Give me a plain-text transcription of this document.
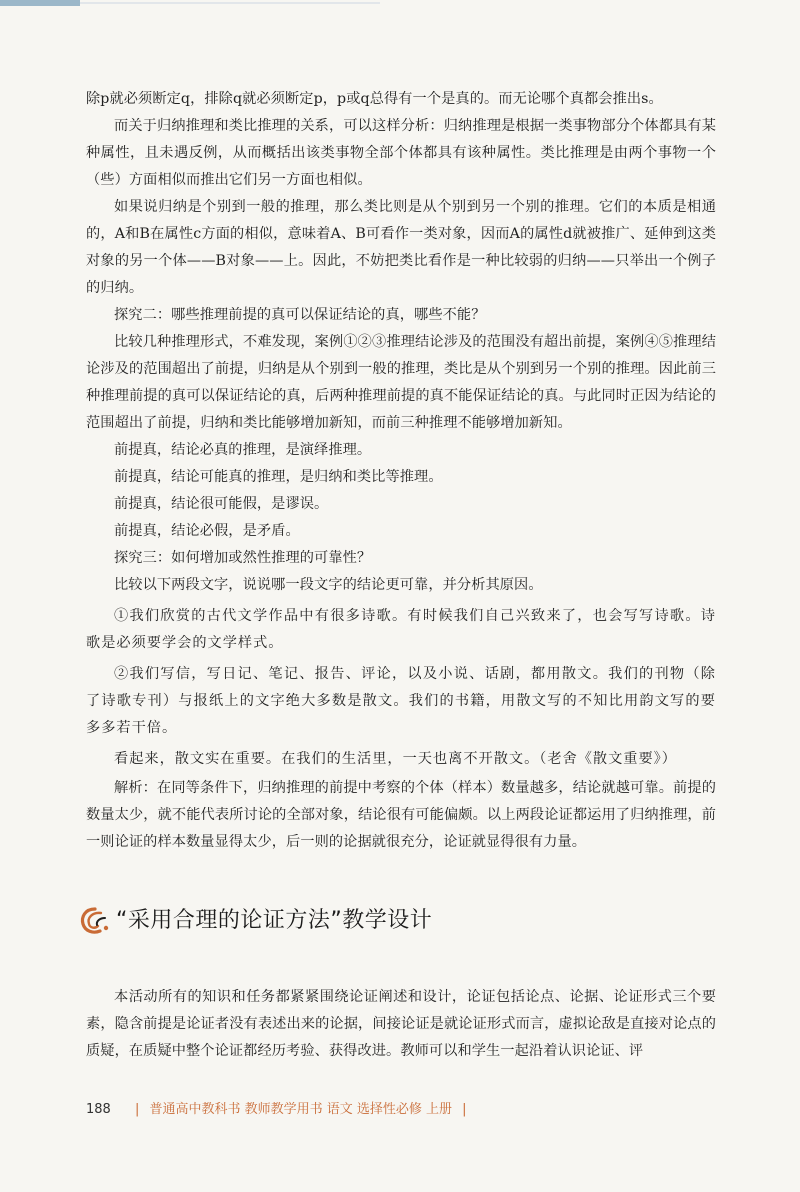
除p就必须断定q，排除q就必须断定p，p或q总得有一个是真的。而无论哪个真都会推出s。

而关于归纳推理和类比推理的关系，可以这样分析：归纳推理是根据一类事物部分个体都具有某种属性，且未遇反例，从而概括出该类事物全部个体都具有该种属性。类比推理是由两个事物一个（些）方面相似而推出它们另一方面也相似。

如果说归纳是个别到一般的推理，那么类比则是从个别到另一个别的推理。它们的本质是相通的，A和B在属性c方面的相似，意味着A、B可看作一类对象，因而A的属性d就被推广、延伸到这类对象的另一个体——B对象——上。因此，不妨把类比看作是一种比较弱的归纳——只举出一个例子的归纳。

探究二：哪些推理前提的真可以保证结论的真，哪些不能？

比较几种推理形式，不难发现，案例①②③推理结论涉及的范围没有超出前提，案例④⑤推理结论涉及的范围超出了前提，归纳是从个别到一般的推理，类比是从个别到另一个别的推理。因此前三种推理前提的真可以保证结论的真，后两种推理前提的真不能保证结论的真。与此同时正因为结论的范围超出了前提，归纳和类比能够增加新知，而前三种推理不能够增加新知。

前提真，结论必真的推理，是演绎推理。

前提真，结论可能真的推理，是归纳和类比等推理。

前提真，结论很可能假，是谬误。

前提真，结论必假，是矛盾。

探究三：如何增加或然性推理的可靠性？

比较以下两段文字，说说哪一段文字的结论更可靠，并分析其原因。

①我们欣赏的古代文学作品中有很多诗歌。有时候我们自己兴致来了，也会写写诗歌。诗歌是必须要学会的文学样式。

②我们写信，写日记、笔记、报告、评论，以及小说、话剧，都用散文。我们的刊物（除了诗歌专刊）与报纸上的文字绝大多数是散文。我们的书籍，用散文写的不知比用韵文写的要多多若干倍。

看起来，散文实在重要。在我们的生活里，一天也离不开散文。（老舍《散文重要》）

解析：在同等条件下，归纳推理的前提中考察的个体（样本）数量越多，结论就越可靠。前提的数量太少，就不能代表所讨论的全部对象，结论很有可能偏颇。以上两段论证都运用了归纳推理，前一则论证的样本数量显得太少，后一则的论据就很充分，论证就显得很有力量。

“采用合理的论证方法”教学设计

本活动所有的知识和任务都紧紧围绕论证阐述和设计，论证包括论点、论据、论证形式三个要素，隐含前提是论证者没有表述出来的论据，间接论证是就论证形式而言，虚拟论敌是直接对论点的质疑，在质疑中整个论证都经历考验、获得改进。教师可以和学生一起沿着认识论证、评

188 | 普通高中教科书 教师教学用书 语文 选择性必修 上册 |
